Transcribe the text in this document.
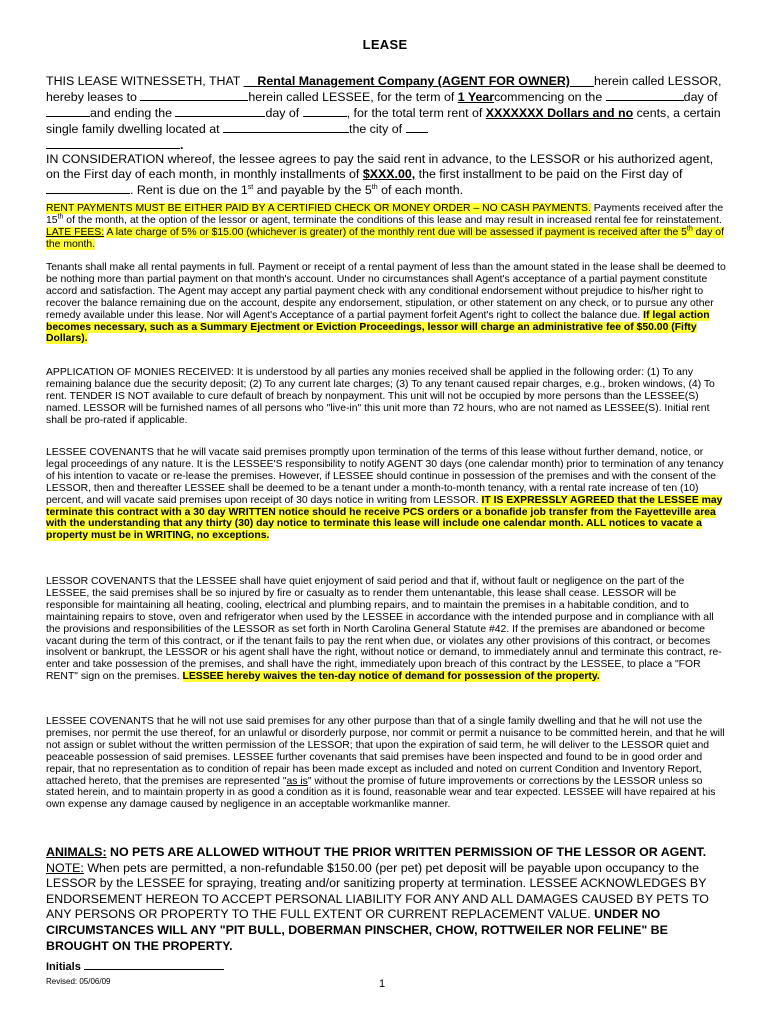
LEASE
THIS LEASE WITNESSETH, THAT Rental Management Company (AGENT FOR OWNER) herein called LESSOR, hereby leases to	herein called LESSEE, for the term of 1 Yearcommencing on the	day of and ending the	day of	, for the total term rent of XXXXXXX Dollars and no cents, a certain single family dwelling located at	the city of
.
IN CONSIDERATION whereof, the lessee agrees to pay the said rent in advance, to the LESSOR or his authorized agent, on the First day of each month, in monthly installments of $XXX.00, the first installment to be paid on the First day of . Rent is due on the 1st and payable by the 5th of each month.
RENT PAYMENTS MUST BE EITHER PAID BY A CERTIFIED CHECK OR MONEY ORDER – NO CASH PAYMENTS. Payments received after the 15th of the month, at the option of the lessor or agent, terminate the conditions of this lease and may result in increased rental fee for reinstatement. LATE FEES: A late charge of 5% or $15.00 (whichever is greater) of the monthly rent due will be assessed if payment is received after the 5th day of the month.
Tenants shall make all rental payments in full. Payment or receipt of a rental payment of less than the amount stated in the lease shall be deemed to be nothing more than partial payment on that month's account. Under no circumstances shall Agent's acceptance of a partial payment constitute accord and satisfaction. The Agent may accept any partial payment check with any conditional endorsement without prejudice to his/her right to recover the balance remaining due on the account, despite any endorsement, stipulation, or other statement on any check, or to pursue any other remedy available under this lease. Nor will Agent's Acceptance of a partial payment forfeit Agent's right to collect the balance due. If legal action becomes necessary, such as a Summary Ejectment or Eviction Proceedings, lessor will charge an administrative fee of $50.00 (Fifty Dollars).
APPLICATION OF MONIES RECEIVED: It is understood by all parties any monies received shall be applied in the following order: (1) To any remaining balance due the security deposit; (2) To any current late charges; (3) To any tenant caused repair charges, e.g., broken windows, (4) To rent. TENDER IS NOT available to cure default of breach by nonpayment. This unit will not be occupied by more persons than the LESSEE(S) named. LESSOR will be furnished names of all persons who "live-in" this unit more than 72 hours, who are not named as LESSEE(S). Initial rent shall be pro-rated if applicable.
LESSEE COVENANTS that he will vacate said premises promptly upon termination of the terms of this lease without further demand, notice, or legal proceedings of any nature. It is the LESSEE'S responsibility to notify AGENT 30 days (one calendar month) prior to termination of any tenancy of his intention to vacate or re-lease the premises. However, if LESSEE should continue in possession of the premises and with the consent of the LESSOR, then and thereafter LESSEE shall be deemed to be a tenant under a month-to-month tenancy, with a rental rate increase of ten (10) percent, and will vacate said premises upon receipt of 30 days notice in writing from LESSOR. IT IS EXPRESSLY AGREED that the LESSEE may terminate this contract with a 30 day WRITTEN notice should he receive PCS orders or a bonafide job transfer from the Fayetteville area with the understanding that any thirty (30) day notice to terminate this lease will include one calendar month. ALL notices to vacate a property must be in WRITING, no exceptions.
LESSOR COVENANTS that the LESSEE shall have quiet enjoyment of said period and that if, without fault or negligence on the part of the LESSEE, the said premises shall be so injured by fire or casualty as to render them untenantable, this lease shall cease. LESSOR will be responsible for maintaining all heating, cooling, electrical and plumbing repairs, and to maintain the premises in a habitable condition, and to maintaining repairs to stove, oven and refrigerator when used by the LESSEE in accordance with the intended purpose and in compliance with all the provisions and responsibilities of the LESSOR as set forth in North Carolina General Statute #42. If the premises are abandoned or become vacant during the term of this contract, or if the tenant fails to pay the rent when due, or violates any other provisions of this contract, or becomes insolvent or bankrupt, the LESSOR or his agent shall have the right, without notice or demand, to immediately annul and terminate this contract, re-enter and take possession of the premises, and shall have the right, immediately upon breach of this contract by the LESSEE, to place a "FOR RENT" sign on the premises. LESSEE hereby waives the ten-day notice of demand for possession of the property.
LESSEE COVENANTS that he will not use said premises for any other purpose than that of a single family dwelling and that he will not use the premises, nor permit the use thereof, for an unlawful or disorderly purpose, nor commit or permit a nuisance to be committed herein, and that he will not assign or sublet without the written permission of the LESSOR; that upon the expiration of said term, he will deliver to the LESSOR quiet and peaceable possession of said premises. LESSEE further covenants that said premises have been inspected and found to be in good order and repair, that no representation as to condition of repair has been made except as included and noted on current Condition and Inventory Report, attached hereto, that the premises are represented "as is" without the promise of future improvements or corrections by the LESSOR unless so stated herein, and to maintain property in as good a condition as it is found, reasonable wear and tear expected. LESSEE will have repaired at his own expense any damage caused by negligence in an acceptable workmanlike manner.
ANIMALS: NO PETS ARE ALLOWED WITHOUT THE PRIOR WRITTEN PERMISSION OF THE LESSOR OR AGENT. NOTE: When pets are permitted, a non-refundable $150.00 (per pet) pet deposit will be payable upon occupancy to the LESSOR by the LESSEE for spraying, treating and/or sanitizing property at termination. LESSEE ACKNOWLEDGES BY ENDORSEMENT HEREON TO ACCEPT PERSONAL LIABILITY FOR ANY AND ALL DAMAGES CAUSED BY PETS TO ANY PERSONS OR PROPERTY TO THE FULL EXTENT OR CURRENT REPLACEMENT VALUE. UNDER NO CIRCUMSTANCES WILL ANY "PIT BULL, DOBERMAN PINSCHER, CHOW, ROTTWEILER NOR FELINE" BE BROUGHT ON THE PROPERTY.
Initials
Revised: 05/06/09	1
